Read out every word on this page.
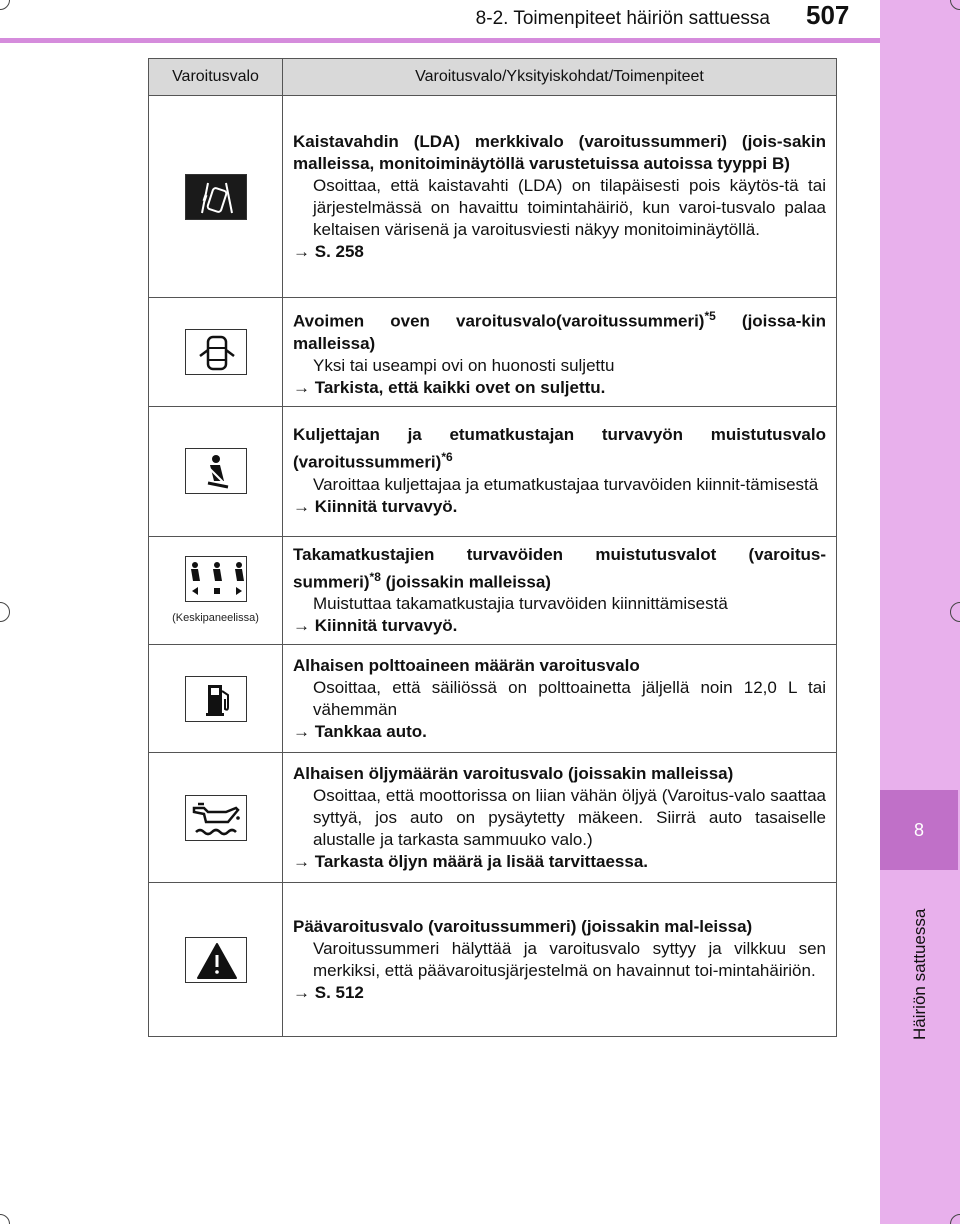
8-2. Toimenpiteet häiriön sattuessa 507
8
Häiriön sattuessa
Varoitusvalo	Varoitusvalo/Yksityiskohdat/Toimenpiteet

Kaistavahdin (LDA) merkkivalo (varoitussummeri) (jois-sakin malleissa, monitoiminäytöllä varustetuissa autoissa tyyppi B)
Osoittaa, että kaistavahti (LDA) on tilapäisesti pois käytös-tä tai järjestelmässä on havaittu toimintahäiriö, kun varoi-tusvalo palaa keltaisen värisenä ja varoitusviesti näkyy monitoiminäytöllä.
→ S. 258

Avoimen oven varoitusvalo(varoitussummeri)$^{*5}$ (joissa-kin malleissa)
Yksi tai useampi ovi on huonosti suljettu
→ Tarkista, että kaikki ovet on suljettu.

Kuljettajan ja etumatkustajan turvavyön muistutusvalo (varoitussummeri)$^{*6}$
Varoittaa kuljettajaa ja etumatkustajaa turvavöiden kiinnit-tämisestä
→ Kiinnitä turvavyö.

(Keskipaneelissa)	Takamatkustajien turvavöiden muistutusvalot (varoitus-summeri)$^{*8}$ (joissakin malleissa)
Muistuttaa takamatkustajia turvavöiden kiinnittämisestä
→ Kiinnitä turvavyö.

Alhaisen polttoaineen määrän varoitusvalo
Osoittaa, että säiliössä on polttoainetta jäljellä noin 12,0 L tai vähemmän
→ Tankkaa auto.

Alhaisen öljymäärän varoitusvalo (joissakin malleissa)
Osoittaa, että moottorissa on liian vähän öljyä (Varoitus-valo saattaa syttyä, jos auto on pysäytetty mäkeen. Siirrä auto tasaiselle alustalle ja tarkasta sammuuko valo.)
→ Tarkasta öljyn määrä ja lisää tarvittaessa.

Päävaroitusvalo (varoitussummeri) (joissakin mal-leissa)
Varoitussummeri hälyttää ja varoitusvalo syttyy ja vilkkuu sen merkiksi, että päävaroitusjärjestelmä on havainnut toi-mintahäiriön.
→ S. 512
